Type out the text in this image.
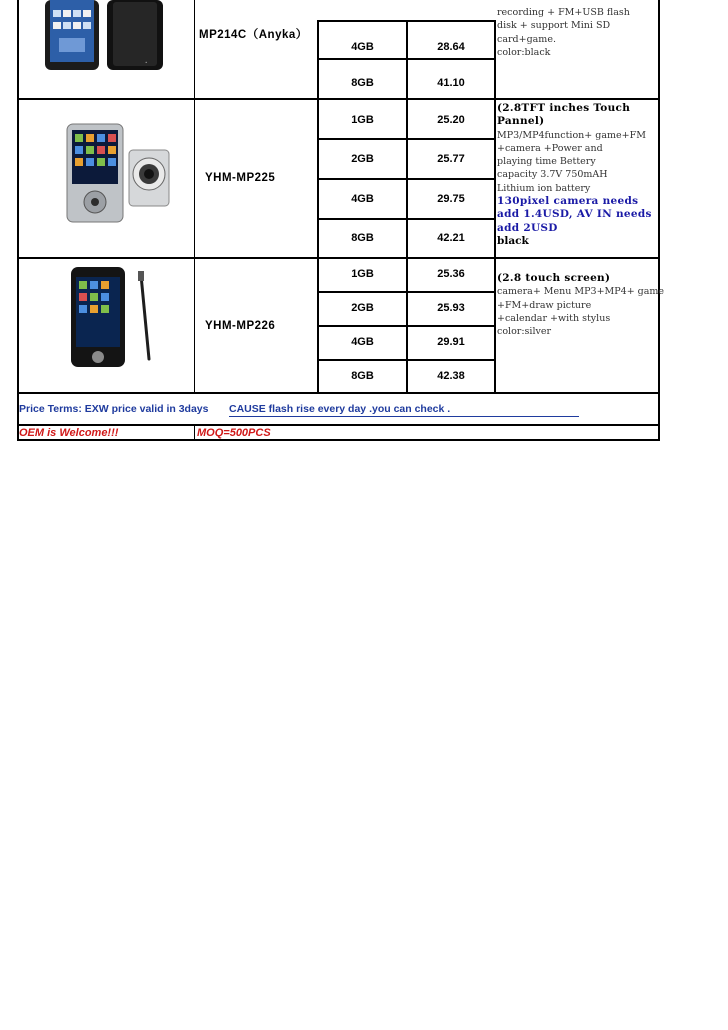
•
MP214C（Anyka）
4GB	28.64
8GB	41.10
recording + FM+USB flash
disk + support Mini SD
card+game.
color:black
YHM-MP225
1GB	25.20
2GB	25.77
4GB	29.75
8GB	42.21
(2.8TFT inches Touch
Pannel)
MP3/MP4function+ game+FM
+camera +Power and
playing time Bettery
capacity 3.7V 750mAH
Lithium ion battery
130pixel camera needs
add 1.4USD, AV IN needs
add 2USD
black
YHM-MP226
1GB	25.36
2GB	25.93
4GB	29.91
8GB	42.38
(2.8 touch screen)
camera+ Menu MP3+MP4+ game
+FM+draw picture
+calendar +with stylus
color:silver
Price Terms: EXW price valid in 3days CAUSE flash rise every day .you can check .
OEM is Welcome!!!	MOQ=500PCS
